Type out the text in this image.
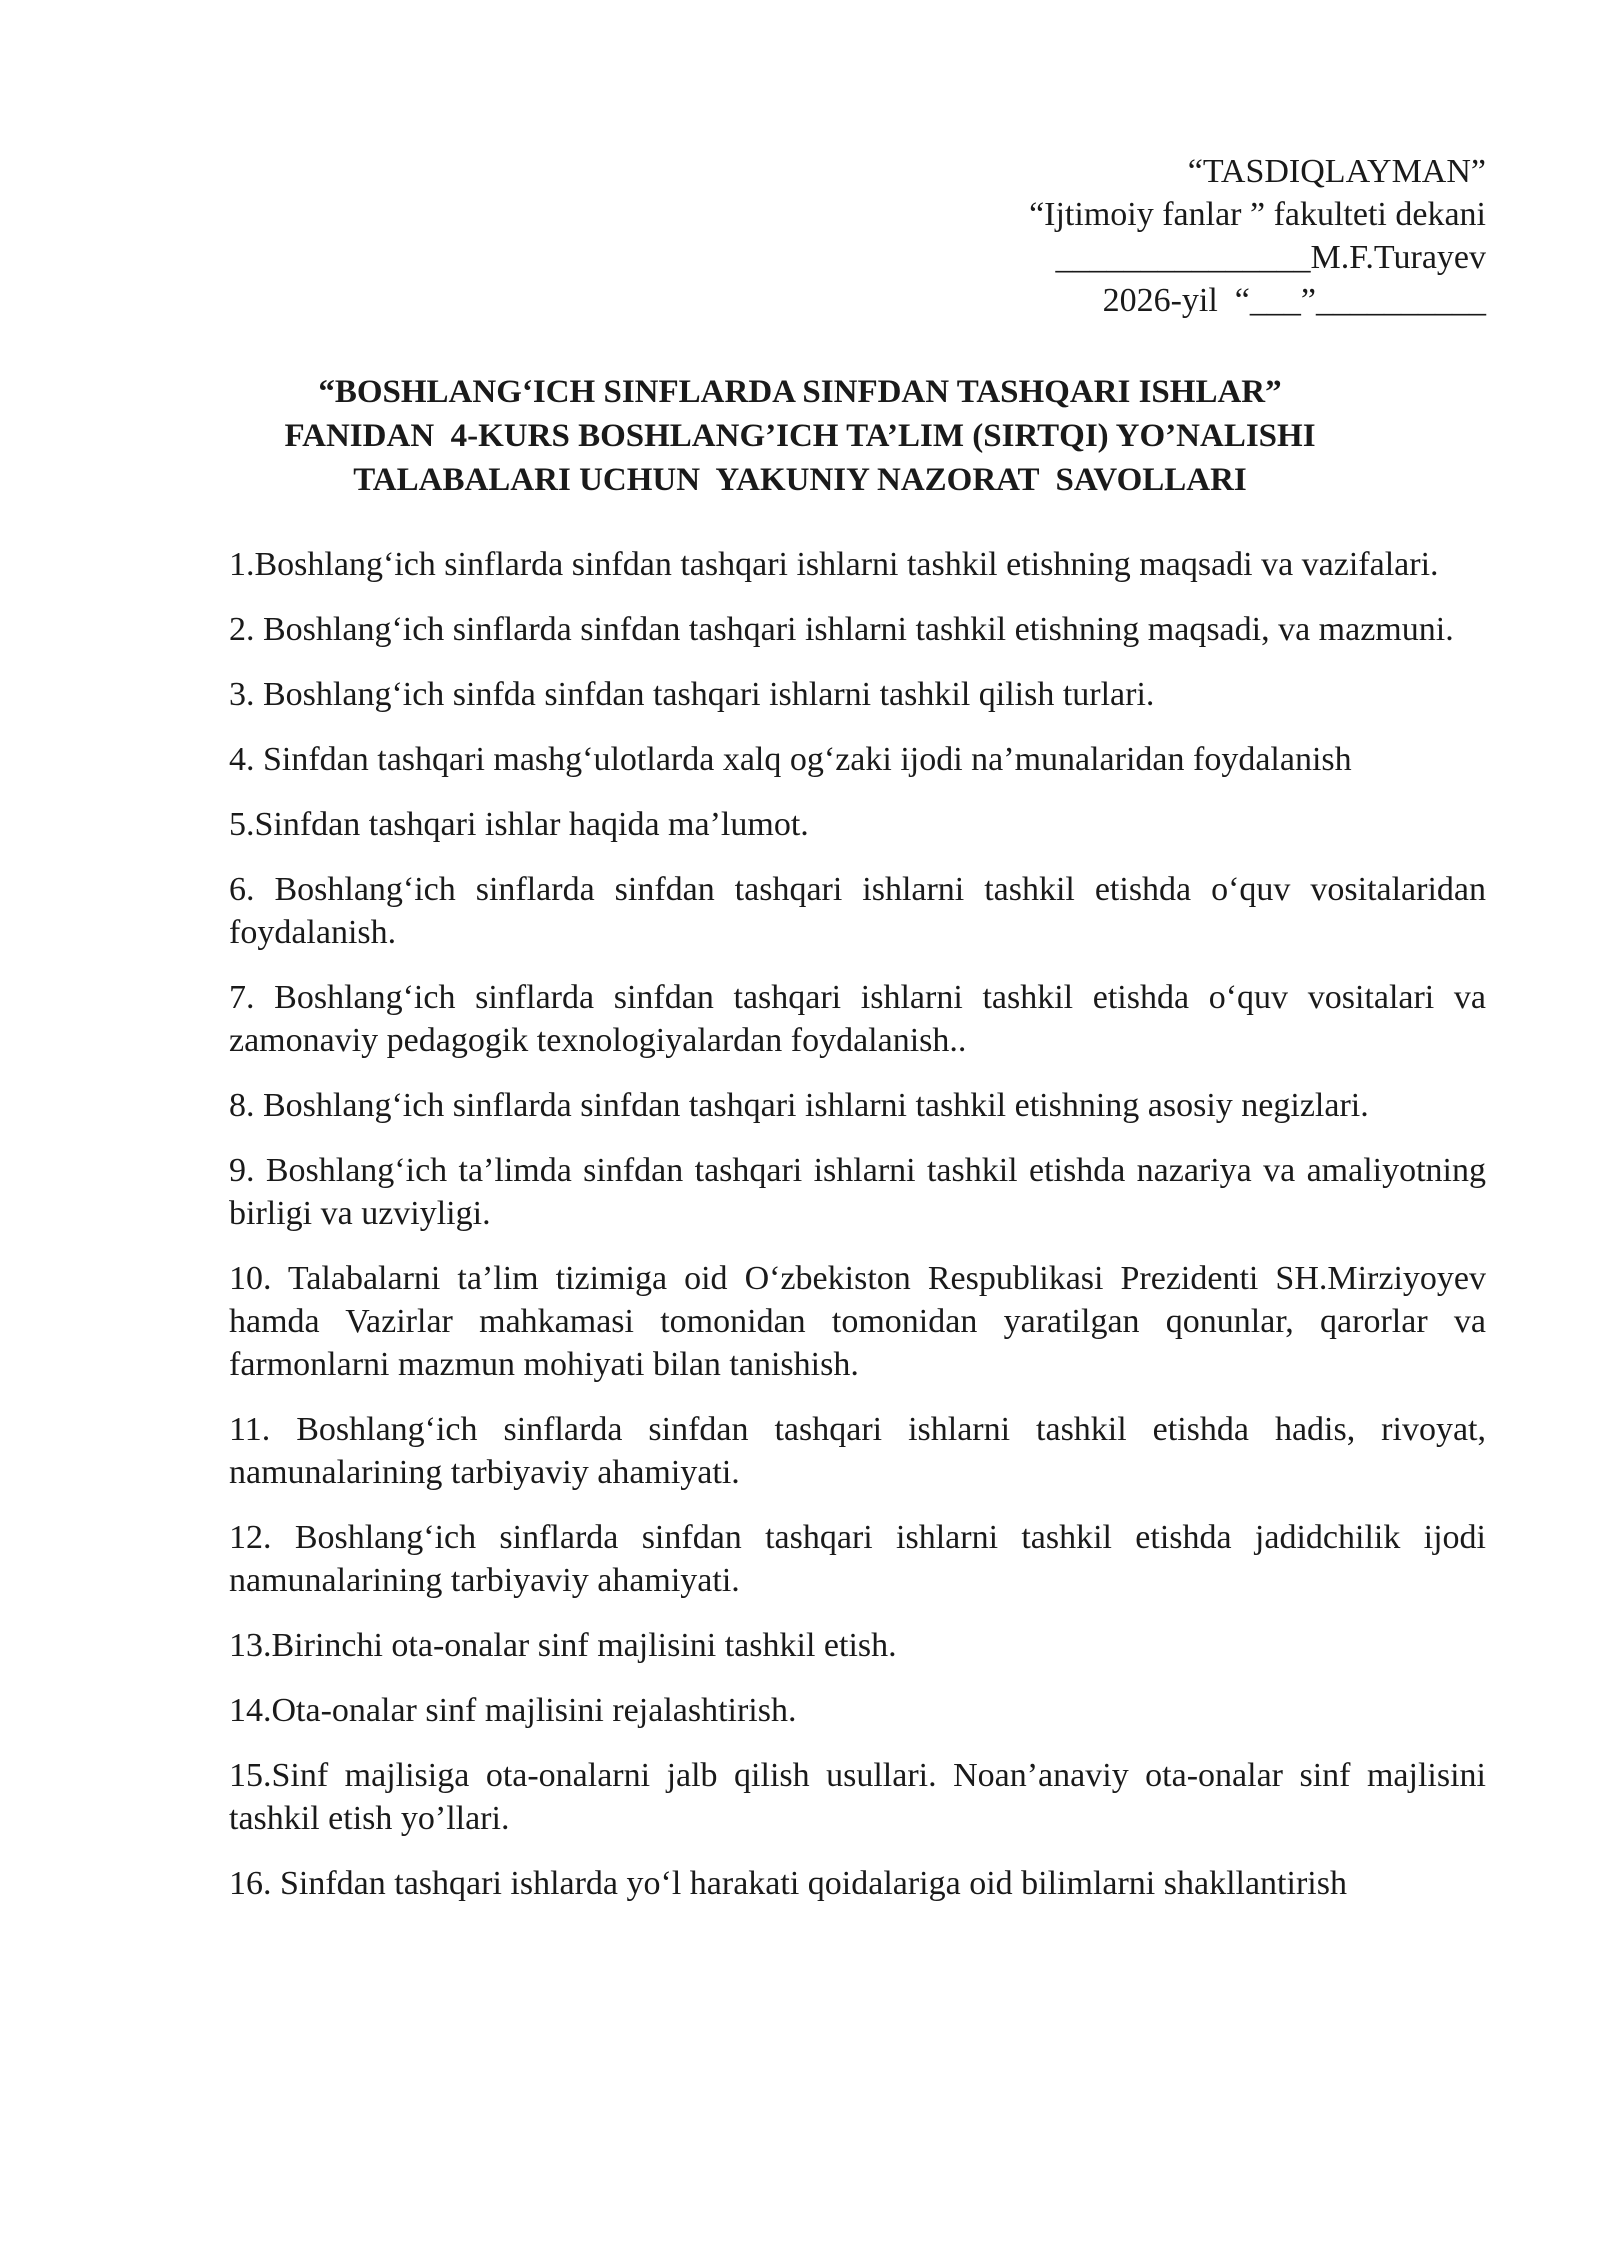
“TASDIQLAYMAN”
“Ijtimoiy fanlar ” fakulteti dekani
_______________M.F.Turayev
2026-yil  “___”__________
“BOSHLANG‘ICH SINFLARDA SINFDAN TASHQARI ISHLAR”
FANIDAN  4-KURS BOSHLANG’ICH TA’LIM (SIRTQI) YO’NALISHI
TALABALARI UCHUN  YAKUNIY NAZORAT  SAVOLLARI
1.Boshlang‘ich sinflarda sinfdan tashqari ishlarni tashkil etishning maqsadi va vazifalari.
2. Boshlang‘ich sinflarda sinfdan tashqari ishlarni tashkil etishning maqsadi, va mazmuni.
3. Boshlang‘ich sinfda sinfdan tashqari ishlarni tashkil qilish turlari.
4. Sinfdan tashqari mashg‘ulotlarda xalq og‘zaki ijodi na’munalaridan foydalanish
5.Sinfdan tashqari ishlar haqida ma’lumot.
6. Boshlang‘ich sinflarda sinfdan tashqari ishlarni tashkil etishda o‘quv vositalaridan foydalanish.
7. Boshlang‘ich sinflarda sinfdan tashqari ishlarni tashkil etishda o‘quv vositalari va zamonaviy pedagogik texnologiyalardan foydalanish..
8. Boshlang‘ich sinflarda sinfdan tashqari ishlarni tashkil etishning asosiy negizlari.
9. Boshlang‘ich ta’limda sinfdan tashqari ishlarni tashkil etishda nazariya va amaliyotning birligi va uzviyligi.
10. Talabalarni ta’lim tizimiga oid O‘zbekiston Respublikasi Prezidenti SH.Mirziyoyev hamda Vazirlar mahkamasi tomonidan tomonidan yaratilgan qonunlar, qarorlar va farmonlarni mazmun mohiyati bilan tanishish.
11. Boshlang‘ich sinflarda sinfdan tashqari ishlarni tashkil etishda hadis, rivoyat, namunalarining tarbiyaviy ahamiyati.
12. Boshlang‘ich sinflarda sinfdan tashqari ishlarni tashkil etishda jadidchilik ijodi namunalarining tarbiyaviy ahamiyati.
13.Birinchi ota-onalar sinf majlisini tashkil etish.
14.Ota-onalar sinf majlisini rejalashtirish.
15.Sinf majlisiga ota-onalarni jalb qilish usullari. Noan’anaviy ota-onalar sinf majlisini tashkil etish yo’llari.
16. Sinfdan tashqari ishlarda yo‘l harakati qoidalariga oid bilimlarni shakllantirish
